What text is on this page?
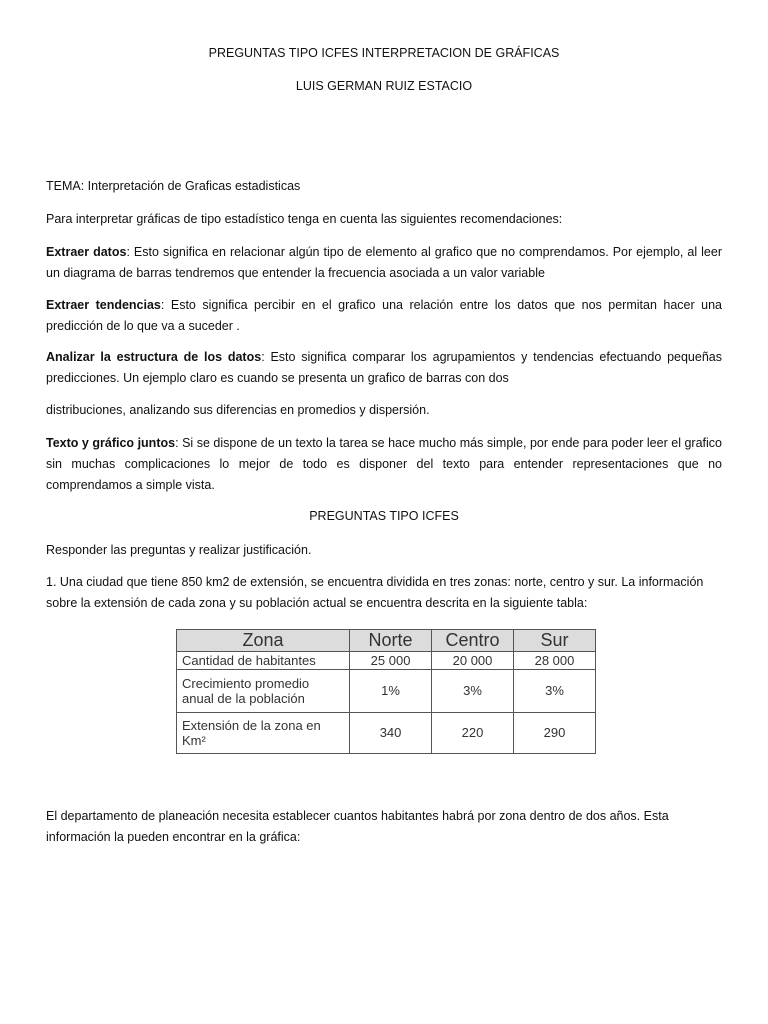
PREGUNTAS TIPO ICFES INTERPRETACION DE GRÁFICAS
LUIS GERMAN RUIZ ESTACIO
TEMA: Interpretación de Graficas estadisticas
Para interpretar gráficas de tipo estadístico tenga en cuenta las siguientes recomendaciones:
Extraer datos: Esto significa en relacionar algún tipo de elemento al grafico que no comprendamos. Por ejemplo, al leer un diagrama de barras tendremos que entender la frecuencia asociada a un valor variable
Extraer tendencias: Esto significa percibir en el grafico una relación entre los datos que nos permitan hacer una predicción de lo que va a suceder .
Analizar la estructura de los datos: Esto significa comparar los agrupamientos y tendencias efectuando pequeñas predicciones. Un ejemplo claro es cuando se presenta un grafico de barras con dos
distribuciones, analizando sus diferencias en promedios y dispersión.
Texto y gráfico juntos: Si se dispone de un texto la tarea se hace mucho más simple, por ende para poder leer el grafico sin muchas complicaciones lo mejor de todo es disponer del texto para entender representaciones que no comprendamos a simple vista.
PREGUNTAS TIPO ICFES
Responder las preguntas y realizar justificación.
1. Una ciudad que tiene 850 km2 de extensión, se encuentra dividida en tres zonas: norte, centro y sur. La información sobre la extensión de cada zona y su población actual se encuentra descrita en la siguiente tabla:
Zona	Norte	Centro	Sur
Cantidad de habitantes	25 000	20 000	28 000
Crecimiento promedio anual de la población	1%	3%	3%
Extensión de la zona en Km²	340	220	290
El departamento de planeación necesita establecer cuantos habitantes habrá por zona dentro de dos años. Esta información la pueden encontrar en la gráfica:
